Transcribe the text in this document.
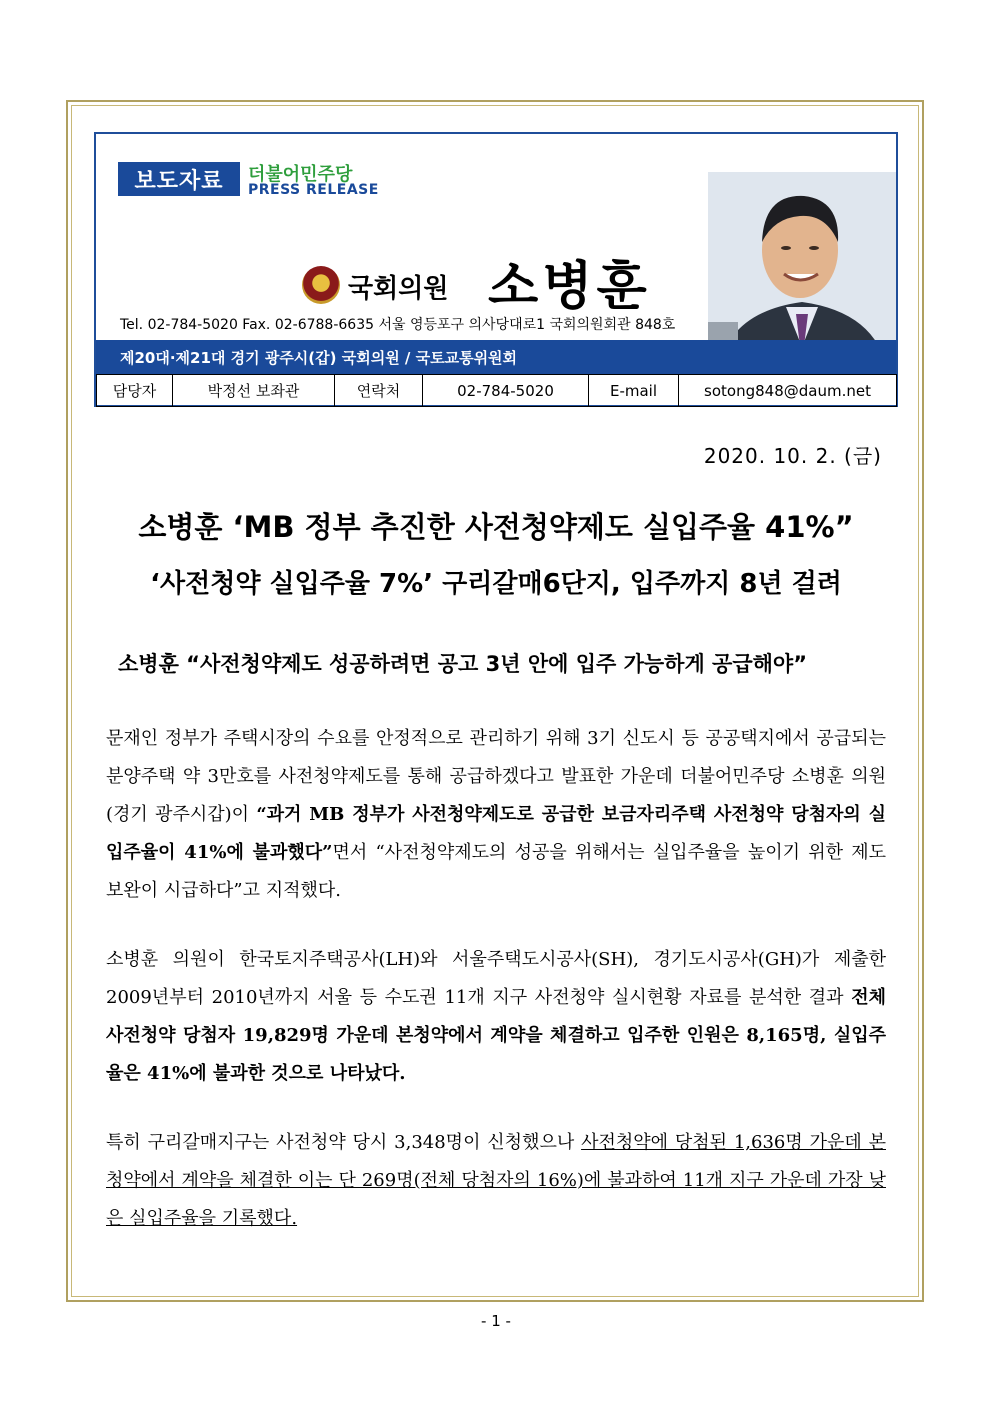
보도자료	더불어민주당
PRESS RELEASE
국회의원 소병훈
Tel. 02-784-5020 Fax. 02-6788-6635 서울 영등포구 의사당대로1 국회의원회관 848호
제20대·제21대 경기 광주시(갑) 국회의원 / 국토교통위원회
담당자	박정선 보좌관	연락처	02-784-5020	E-mail	sotong848@daum.net
2020. 10. 2. (금)
소병훈 ‘MB 정부 추진한 사전청약제도 실입주율 41%”
‘사전청약 실입주율 7%’ 구리갈매6단지, 입주까지 8년 걸려
소병훈 “사전청약제도 성공하려면 공고 3년 안에 입주 가능하게 공급해야”
문재인 정부가 주택시장의 수요를 안정적으로 관리하기 위해 3기 신도시 등 공공택지에서 공급되는 분양주택 약 3만호를 사전청약제도를 통해 공급하겠다고 발표한 가운데 더불어민주당 소병훈 의원(경기 광주시갑)이 “과거 MB 정부가 사전청약제도로 공급한 보금자리주택 사전청약 당첨자의 실입주율이 41%에 불과했다”면서 “사전청약제도의 성공을 위해서는 실입주율을 높이기 위한 제도 보완이 시급하다”고 지적했다.
소병훈 의원이 한국토지주택공사(LH)와 서울주택도시공사(SH), 경기도시공사(GH)가 제출한 2009년부터 2010년까지 서울 등 수도권 11개 지구 사전청약 실시현황 자료를 분석한 결과 전체 사전청약 당첨자 19,829명 가운데 본청약에서 계약을 체결하고 입주한 인원은 8,165명, 실입주율은 41%에 불과한 것으로 나타났다.
특히 구리갈매지구는 사전청약 당시 3,348명이 신청했으나 사전청약에 당첨된 1,636명 가운데 본청약에서 계약을 체결한 이는 단 269명(전체 당첨자의 16%)에 불과하여 11개 지구 가운데 가장 낮은 실입주율을 기록했다.
- 1 -
